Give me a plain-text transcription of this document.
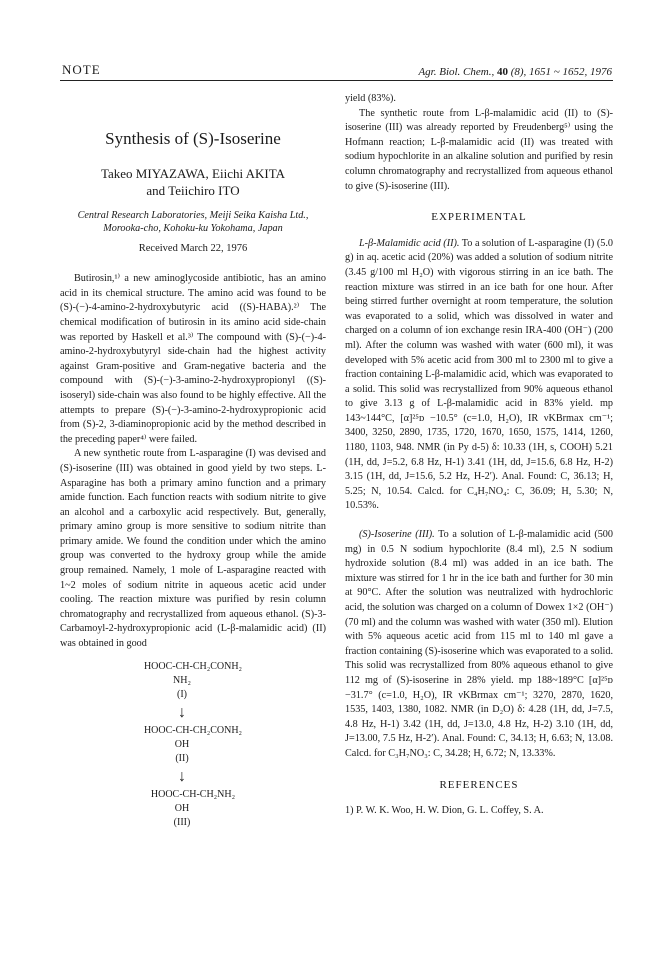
NOTE	Agr. Biol. Chem., 40 (8), 1651 ~ 1652, 1976
Synthesis of (S)-Isoserine
Takeo MIYAZAWA, Eiichi AKITA
and Teiichiro ITO
Central Research Laboratories, Meiji Seika Kaisha Ltd., Morooka-cho, Kohoku-ku Yokohama, Japan
Received March 22, 1976

Butirosin,¹⁾ a new aminoglycoside antibiotic, has an amino acid in its chemical structure. The amino acid was found to be (S)-(−)-4-amino-2-hydroxybutyric acid ((S)-HABA).²⁾ The chemical modification of butirosin in its amino acid side-chain was reported by Haskell et al.³⁾ The compound with (S)-(−)-4-amino-2-hydroxybutyryl side-chain had the highest activity against Gram-positive and Gram-negative bacteria and the compound with (S)-(−)-3-amino-2-hydroxypropionyl ((S)-isoseryl) side-chain was also found to be highly effective. All the attempts to prepare (S)-(−)-3-amino-2-hydroxypropionic acid from (S)-2, 3-diaminopropionic acid by the method described in the preceding paper⁴⁾ were failed.

A new synthetic route from L-asparagine (I) was devised and (S)-isoserine (III) was obtained in good yield by two steps. L-Asparagine has both a primary amino function and a primary amide function. Each function reacts with sodium nitrite to give an alcohol and a carboxylic acid respectively. But, generally, primary amino group is more sensitive to sodium nitrite than primary amide. We found the condition under which the amino group was converted to the hydroxy group while the amide group remained. Namely, 1 mole of L-asparagine reacted with 1~2 moles of sodium nitrite in aqueous acetic acid under cooling. The reaction mixture was purified by resin column chromatography and recrystallized from aqueous ethanol. (S)-3-Carbamoyl-2-hydroxypropionic acid (L-β-malamidic acid) (II) was obtained in good

HOOC-CH-CH₂CONH₂
NH₂
(I)
↓
HOOC-CH-CH₂CONH₂
OH
(II)
↓
HOOC-CH-CH₂NH₂
OH
(III)

yield (83%).

The synthetic route from L-β-malamidic acid (II) to (S)-isoserine (III) was already reported by Freudenberg⁵⁾ using the Hofmann reaction; L-β-malamidic acid (II) was treated with sodium hypochlorite in an alkaline solution and purified by resin column chromatography and recrystallized from aqueous ethanol to give (S)-isoserine (III).

EXPERIMENTAL

L-β-Malamidic acid (II). To a solution of L-asparagine (I) (5.0 g) in aq. acetic acid (20%) was added a solution of sodium nitrite (3.45 g/100 ml H₂O) with vigorous stirring in an ice bath. The reaction mixture was stirred in an ice bath for one hour. After being stirred further overnight at room temperature, the solution was evaporated to a solid, which was dissolved in water and charged on a column of ion exchange resin IRA-400 (OH⁻) (200 ml). After the column was washed with water (600 ml), it was developed with 5% acetic acid from 300 ml to 2300 ml to give a fraction containing L-β-malamidic acid, which was evaporated to a solid. This solid was recrystallized from 90% aqueous ethanol to give 3.13 g of L-β-malamidic acid in 83% yield. mp 143~144°C, [α]²⁵ᴅ −10.5° (c=1.0, H₂O), IR νKBrmax cm⁻¹; 3400, 3250, 2890, 1735, 1720, 1670, 1650, 1575, 1414, 1260, 1180, 1103, 948. NMR (in Py d-5) δ: 10.33 (1H, s, COOH) 5.21 (1H, dd, J=5.2, 6.8 Hz, H-1) 3.41 (1H, dd, J=15.6, 6.8 Hz, H-2) 3.15 (1H, dd, J=15.6, 5.2 Hz, H-2′). Anal. Found: C, 36.13; H, 5.25; N, 10.54. Calcd. for C₄H₇NO₄: C, 36.09; H, 5.30; N, 10.53%.

(S)-Isoserine (III). To a solution of L-β-malamidic acid (500 mg) in 0.5 N sodium hypochlorite (8.4 ml), 2.5 N sodium hydroxide solution (8.4 ml) was added in an ice bath. The mixture was stirred for 1 hr in the ice bath and further for 30 min at 90°C. After the solution was neutralized with hydrochloric acid, the solution was charged on a column of Dowex 1×2 (OH⁻) (70 ml) and the column was washed with water (350 ml). Elution with 5% aqueous acetic acid from 115 ml to 140 ml gave a fraction containing (S)-isoserine which was evaporated to a solid. This solid was recrystallized from 80% aqueous ethanol to give 112 mg of (S)-isoserine in 28% yield. mp 188~189°C [α]²⁵ᴅ −31.7° (c=1.0, H₂O), IR νKBrmax cm⁻¹; 3270, 2870, 1620, 1535, 1403, 1380, 1082. NMR (in D₂O) δ: 4.28 (1H, dd, J=7.5, 4.8 Hz, H-1) 3.42 (1H, dd, J=13.0, 4.8 Hz, H-2) 3.10 (1H, dd, J=13.00, 7.5 Hz, H-2′). Anal. Found: C, 34.13; H, 6.63; N, 13.08. Calcd. for C₃H₇NO₃: C, 34.28; H, 6.72; N, 13.33%.

REFERENCES

1) P. W. K. Woo, H. W. Dion, G. L. Coffey, S. A.
